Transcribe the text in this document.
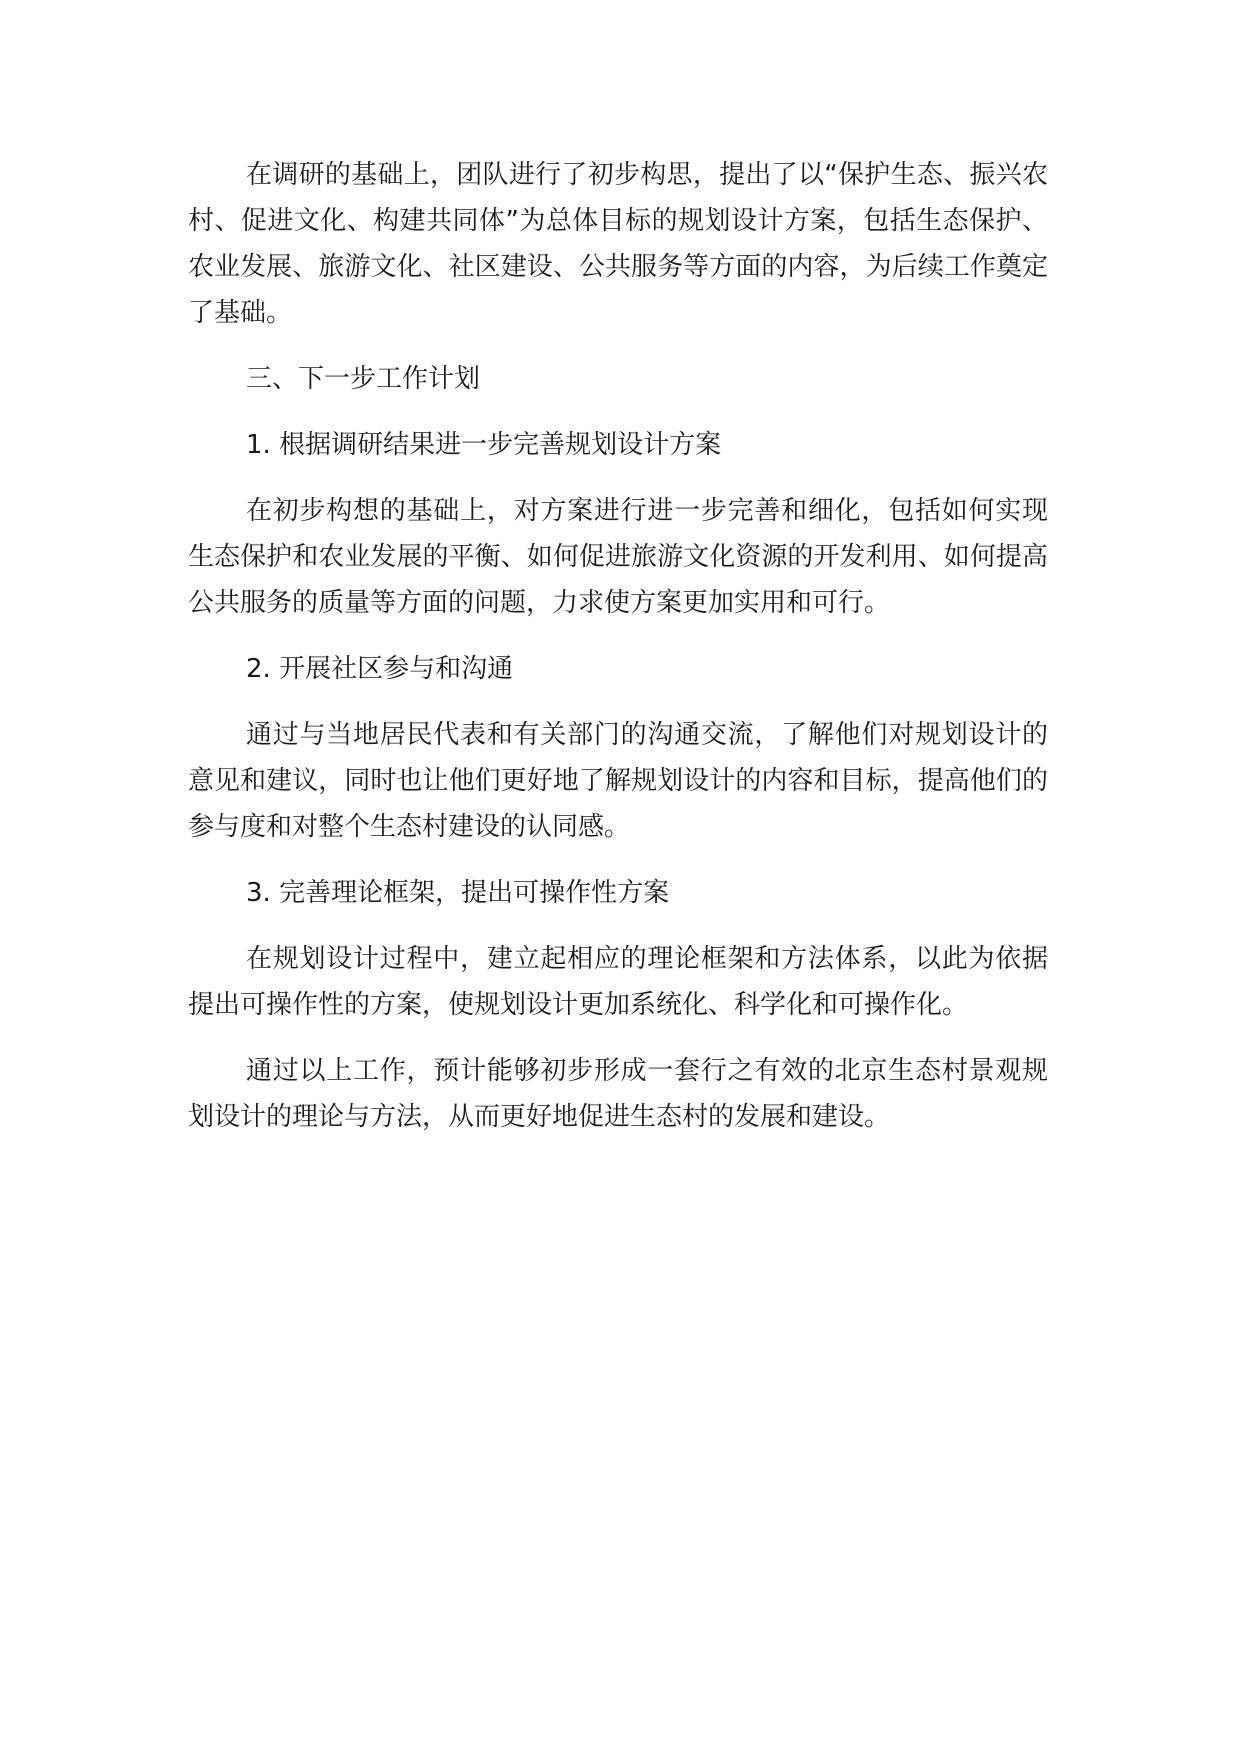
在调研的基础上，团队进行了初步构思，提出了以“保护生态、振兴农村、促进文化、构建共同体”为总体目标的规划设计方案，包括生态保护、农业发展、旅游文化、社区建设、公共服务等方面的内容，为后续工作奠定了基础。

三、下一步工作计划

1. 根据调研结果进一步完善规划设计方案

在初步构想的基础上，对方案进行进一步完善和细化，包括如何实现生态保护和农业发展的平衡、如何促进旅游文化资源的开发利用、如何提高公共服务的质量等方面的问题，力求使方案更加实用和可行。

2. 开展社区参与和沟通

通过与当地居民代表和有关部门的沟通交流，了解他们对规划设计的意见和建议，同时也让他们更好地了解规划设计的内容和目标，提高他们的参与度和对整个生态村建设的认同感。

3. 完善理论框架，提出可操作性方案

在规划设计过程中，建立起相应的理论框架和方法体系，以此为依据提出可操作性的方案，使规划设计更加系统化、科学化和可操作化。

通过以上工作，预计能够初步形成一套行之有效的北京生态村景观规划设计的理论与方法，从而更好地促进生态村的发展和建设。
